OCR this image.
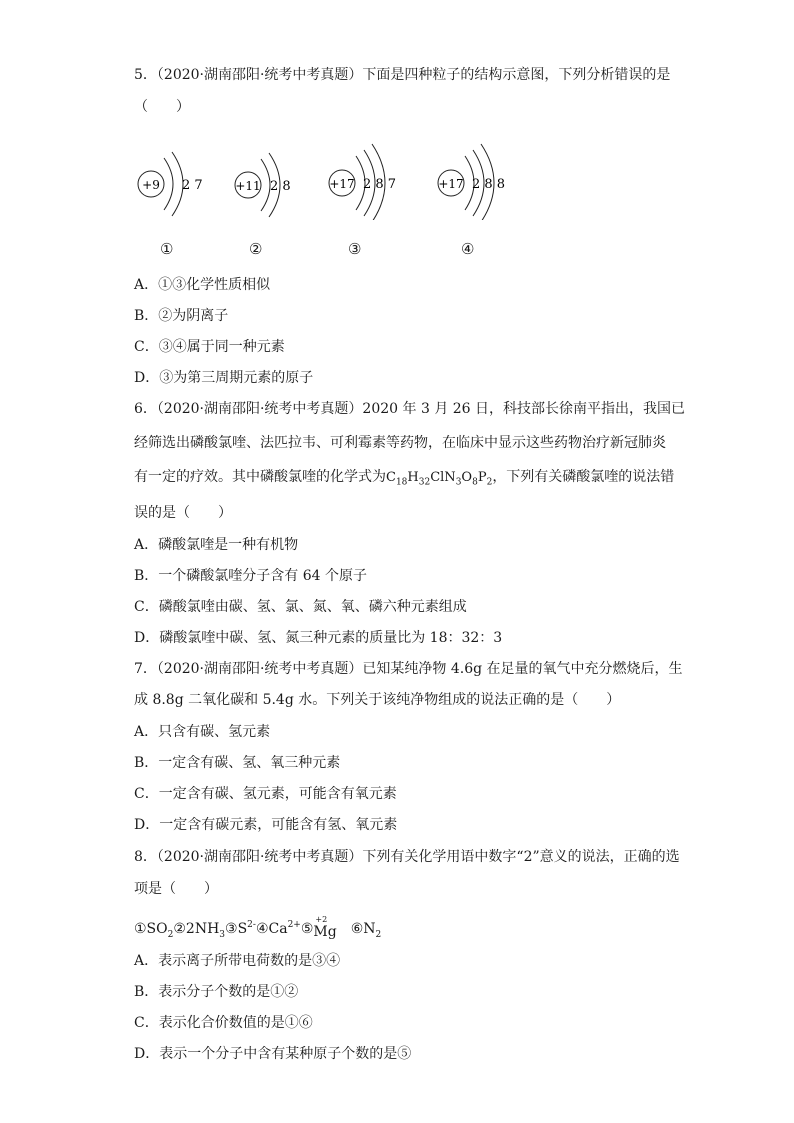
5．（2020·湖南邵阳·统考中考真题）下面是四种粒子的结构示意图，下列分析错误的是
（　　）
+9 2 7	+11 2 8	+17 2 8 7	+17 2 8 8
①	②	③	④
A．①③化学性质相似
B．②为阴离子
C．③④属于同一种元素
D．③为第三周期元素的原子
6．（2020·湖南邵阳·统考中考真题）2020 年 3 月 26 日，科技部长徐南平指出，我国已
经筛选出磷酸氯喹、法匹拉韦、可利霉素等药物，在临床中显示这些药物治疗新冠肺炎
有一定的疗效。其中磷酸氯喹的化学式为$C_{18}H_{32}ClN_3O_8P_2$，下列有关磷酸氯喹的说法错
误的是（　　）
A．磷酸氯喹是一种有机物
B．一个磷酸氯喹分子含有 64 个原子
C．磷酸氯喹由碳、氢、氯、氮、氧、磷六种元素组成
D．磷酸氯喹中碳、氢、氮三种元素的质量比为 18：32：3
7．（2020·湖南邵阳·统考中考真题）已知某纯净物 4.6g 在足量的氧气中充分燃烧后，生
成 8.8g 二氧化碳和 5.4g 水。下列关于该纯净物组成的说法正确的是（　　）
A．只含有碳、氢元素
B．一定含有碳、氢、氧三种元素
C．一定含有碳、氢元素，可能含有氧元素
D．一定含有碳元素，可能含有氢、氧元素
8．（2020·湖南邵阳·统考中考真题）下列有关化学用语中数字“2”意义的说法，正确的选
项是（　　）
$①SO_2②2NH_3③S^{2-}④Ca^{2+}⑤$
+2
Mg $⑥N_2$
A．表示离子所带电荷数的是③④
B．表示分子个数的是①②
C．表示化合价数值的是①⑥
D．表示一个分子中含有某种原子个数的是⑤
